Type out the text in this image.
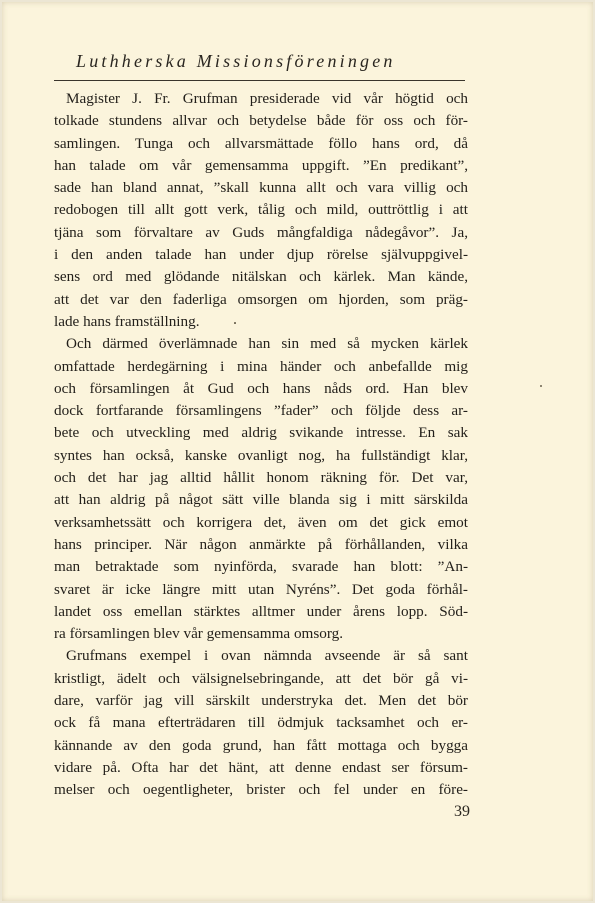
Luthherska Missionsföreningen

Magister J. Fr. Grufman presiderade vid vår högtid och
tolkade stundens allvar och betydelse både för oss och för-
samlingen. Tunga och allvarsmättade föllo hans ord, då
han talade om vår gemensamma uppgift. ”En predikant”,
sade han bland annat, ”skall kunna allt och vara villig och
redobogen till allt gott verk, tålig och mild, outtröttlig i att
tjäna som förvaltare av Guds mångfaldiga nådegåvor”. Ja,
i den anden talade han under djup rörelse självuppgivel-
sens ord med glödande nitälskan och kärlek. Man kände,
att det var den faderliga omsorgen om hjorden, som präg-
lade hans framställning.

Och därmed överlämnade han sin med så mycken kärlek
omfattade herdegärning i mina händer och anbefallde mig
och församlingen åt Gud och hans nåds ord. Han blev
dock fortfarande församlingens ”fader” och följde dess ar-
bete och utveckling med aldrig svikande intresse. En sak
syntes han också, kanske ovanligt nog, ha fullständigt klar,
och det har jag alltid hållit honom räkning för. Det var,
att han aldrig på något sätt ville blanda sig i mitt särskilda
verksamhetssätt och korrigera det, även om det gick emot
hans principer. När någon anmärkte på förhållanden, vilka
man betraktade som nyinförda, svarade han blott: ”An-
svaret är icke längre mitt utan Nyréns”. Det goda förhål-
landet oss emellan stärktes alltmer under årens lopp. Söd-
ra församlingen blev vår gemensamma omsorg.

Grufmans exempel i ovan nämnda avseende är så sant
kristligt, ädelt och välsignelsebringande, att det bör gå vi-
dare, varför jag vill särskilt understryka det. Men det bör
ock få mana efterträdaren till ödmjuk tacksamhet och er-
kännande av den goda grund, han fått mottaga och bygga
vidare på. Ofta har det hänt, att denne endast ser försum-
melser och oegentligheter, brister och fel under en före-

39
